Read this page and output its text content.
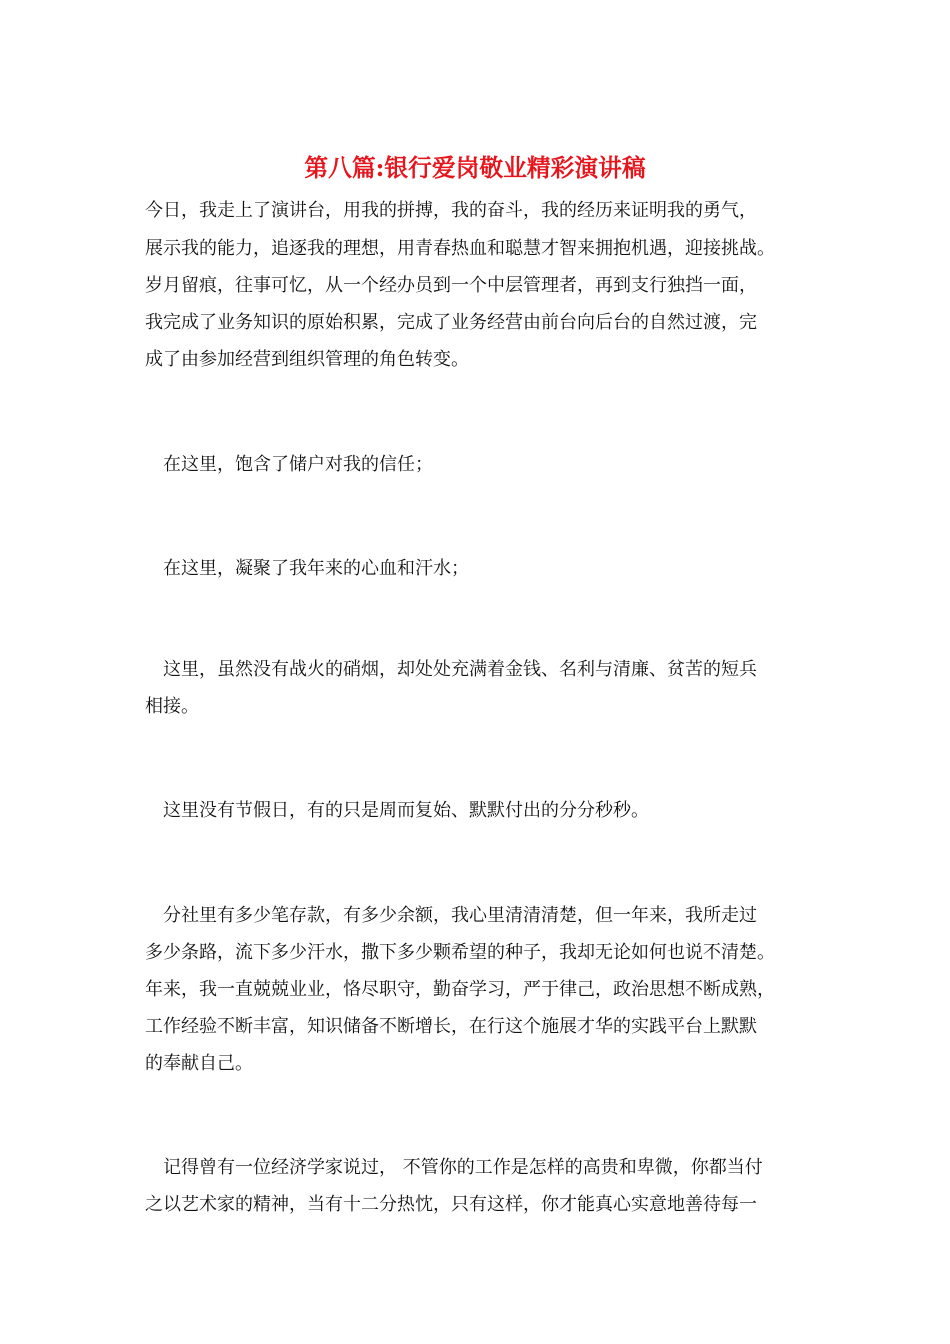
第八篇:银行爱岗敬业精彩演讲稿
今日，我走上了演讲台，用我的拼搏，我的奋斗，我的经历来证明我的勇气，
展示我的能力，追逐我的理想，用青春热血和聪慧才智来拥抱机遇，迎接挑战。
岁月留痕，往事可忆，从一个经办员到一个中层管理者，再到支行独挡一面，
我完成了业务知识的原始积累，完成了业务经营由前台向后台的自然过渡，完
成了由参加经营到组织管理的角色转变。
在这里，饱含了储户对我的信任；
在这里，凝聚了我年来的心血和汗水；
这里，虽然没有战火的硝烟，却处处充满着金钱、名利与清廉、贫苦的短兵
相接。
这里没有节假日，有的只是周而复始、默默付出的分分秒秒。
分社里有多少笔存款，有多少余额，我心里清清清楚，但一年来，我所走过
多少条路，流下多少汗水，撒下多少颗希望的种子，我却无论如何也说不清楚。
年来，我一直兢兢业业，恪尽职守，勤奋学习，严于律己，政治思想不断成熟，
工作经验不断丰富，知识储备不断增长，在行这个施展才华的实践平台上默默
的奉献自己。
记得曾有一位经济学家说过， 不管你的工作是怎样的高贵和卑微，你都当付
之以艺术家的精神，当有十二分热忱，只有这样，你才能真心实意地善待每一
